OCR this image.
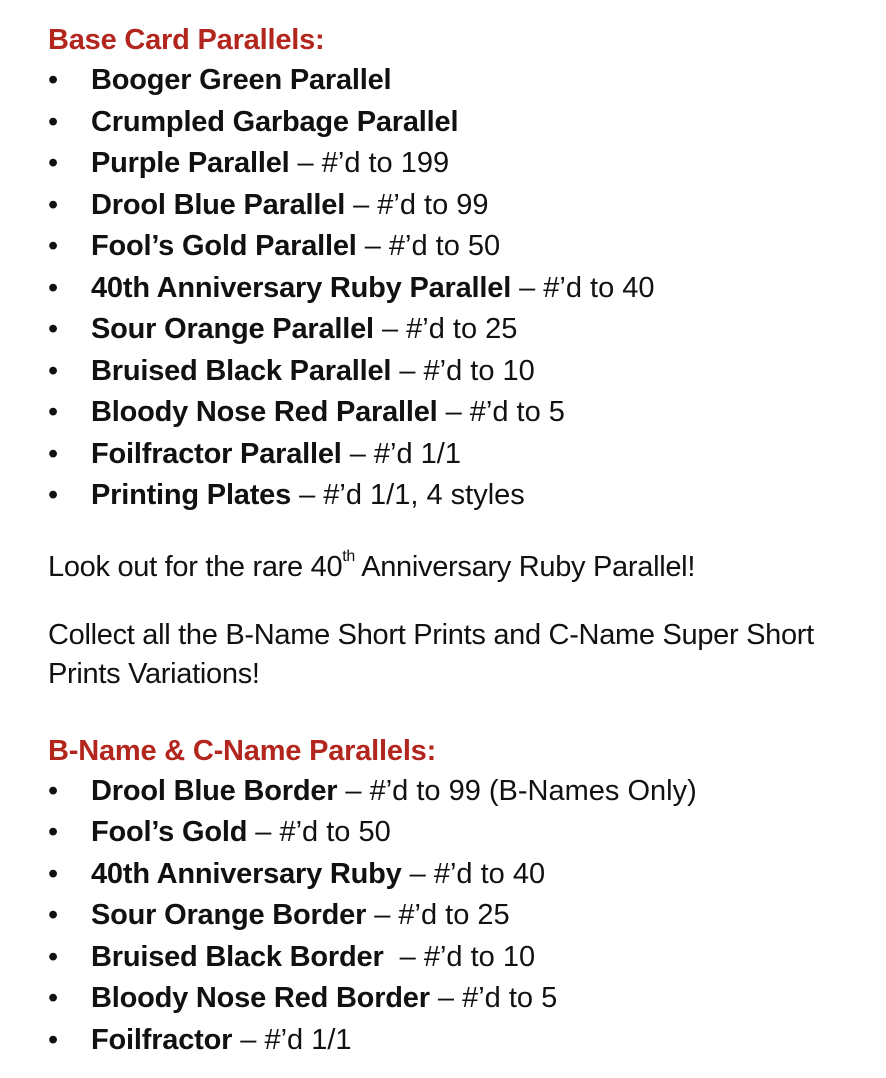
Base Card Parallels:
• Booger Green Parallel
• Crumpled Garbage Parallel
• Purple Parallel – #’d to 199
• Drool Blue Parallel – #’d to 99
• Fool’s Gold Parallel – #’d to 50
• 40th Anniversary Ruby Parallel – #’d to 40
• Sour Orange Parallel – #’d to 25
• Bruised Black Parallel – #’d to 10
• Bloody Nose Red Parallel – #’d to 5
• Foilfractor Parallel – #’d 1/1
• Printing Plates – #’d 1/1, 4 styles

Look out for the rare 40th Anniversary Ruby Parallel!

Collect all the B-Name Short Prints and C-Name Super Short Prints Variations!

B-Name & C-Name Parallels:
• Drool Blue Border – #’d to 99 (B-Names Only)
• Fool’s Gold – #’d to 50
• 40th Anniversary Ruby – #’d to 40
• Sour Orange Border – #’d to 25
• Bruised Black Border  – #’d to 10
• Bloody Nose Red Border – #’d to 5
• Foilfractor – #’d 1/1
